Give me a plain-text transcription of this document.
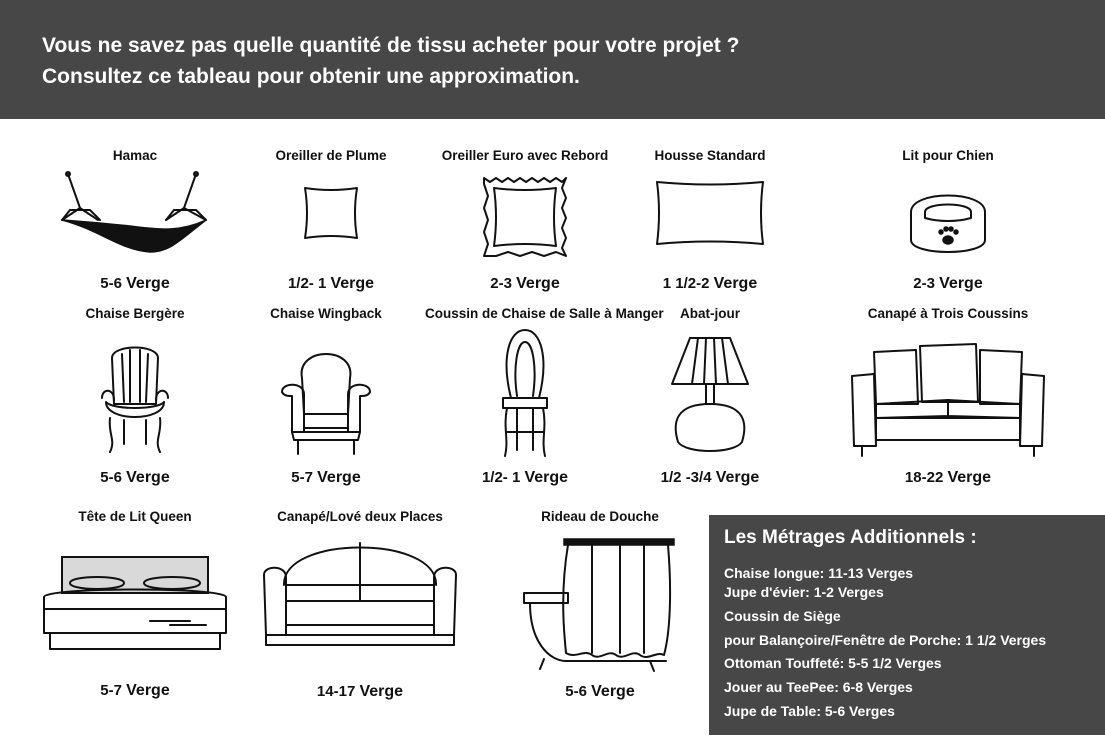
Vous ne savez pas quelle quantité de tissu acheter pour votre projet ?
Consultez ce tableau pour obtenir une approximation.
Hamac
5-6 Verge
Oreiller de Plume
1/2- 1 Verge
Oreiller Euro avec Rebord
2-3 Verge
Housse Standard
1 1/2-2 Verge
Lit pour Chien
2-3 Verge
Chaise Bergère
5-6 Verge
Chaise Wingback
5-7 Verge
Coussin de Chaise de Salle à Manger
1/2- 1 Verge
Abat-jour
1/2 -3/4 Verge
Canapé à Trois Coussins
18-22 Verge
Tête de Lit Queen
5-7 Verge
Canapé/Lové deux Places
14-17 Verge
Rideau de Douche
5-6 Verge
Les Métrages Additionnels :
Chaise longue: 11-13 Verges
Jupe d'évier: 1-2 Verges
Coussin de Siège
pour Balançoire/Fenêtre de Porche: 1 1/2 Verges
Ottoman Touffeté: 5-5 1/2 Verges
Jouer au TeePee: 6-8 Verges
Jupe de Table: 5-6 Verges
